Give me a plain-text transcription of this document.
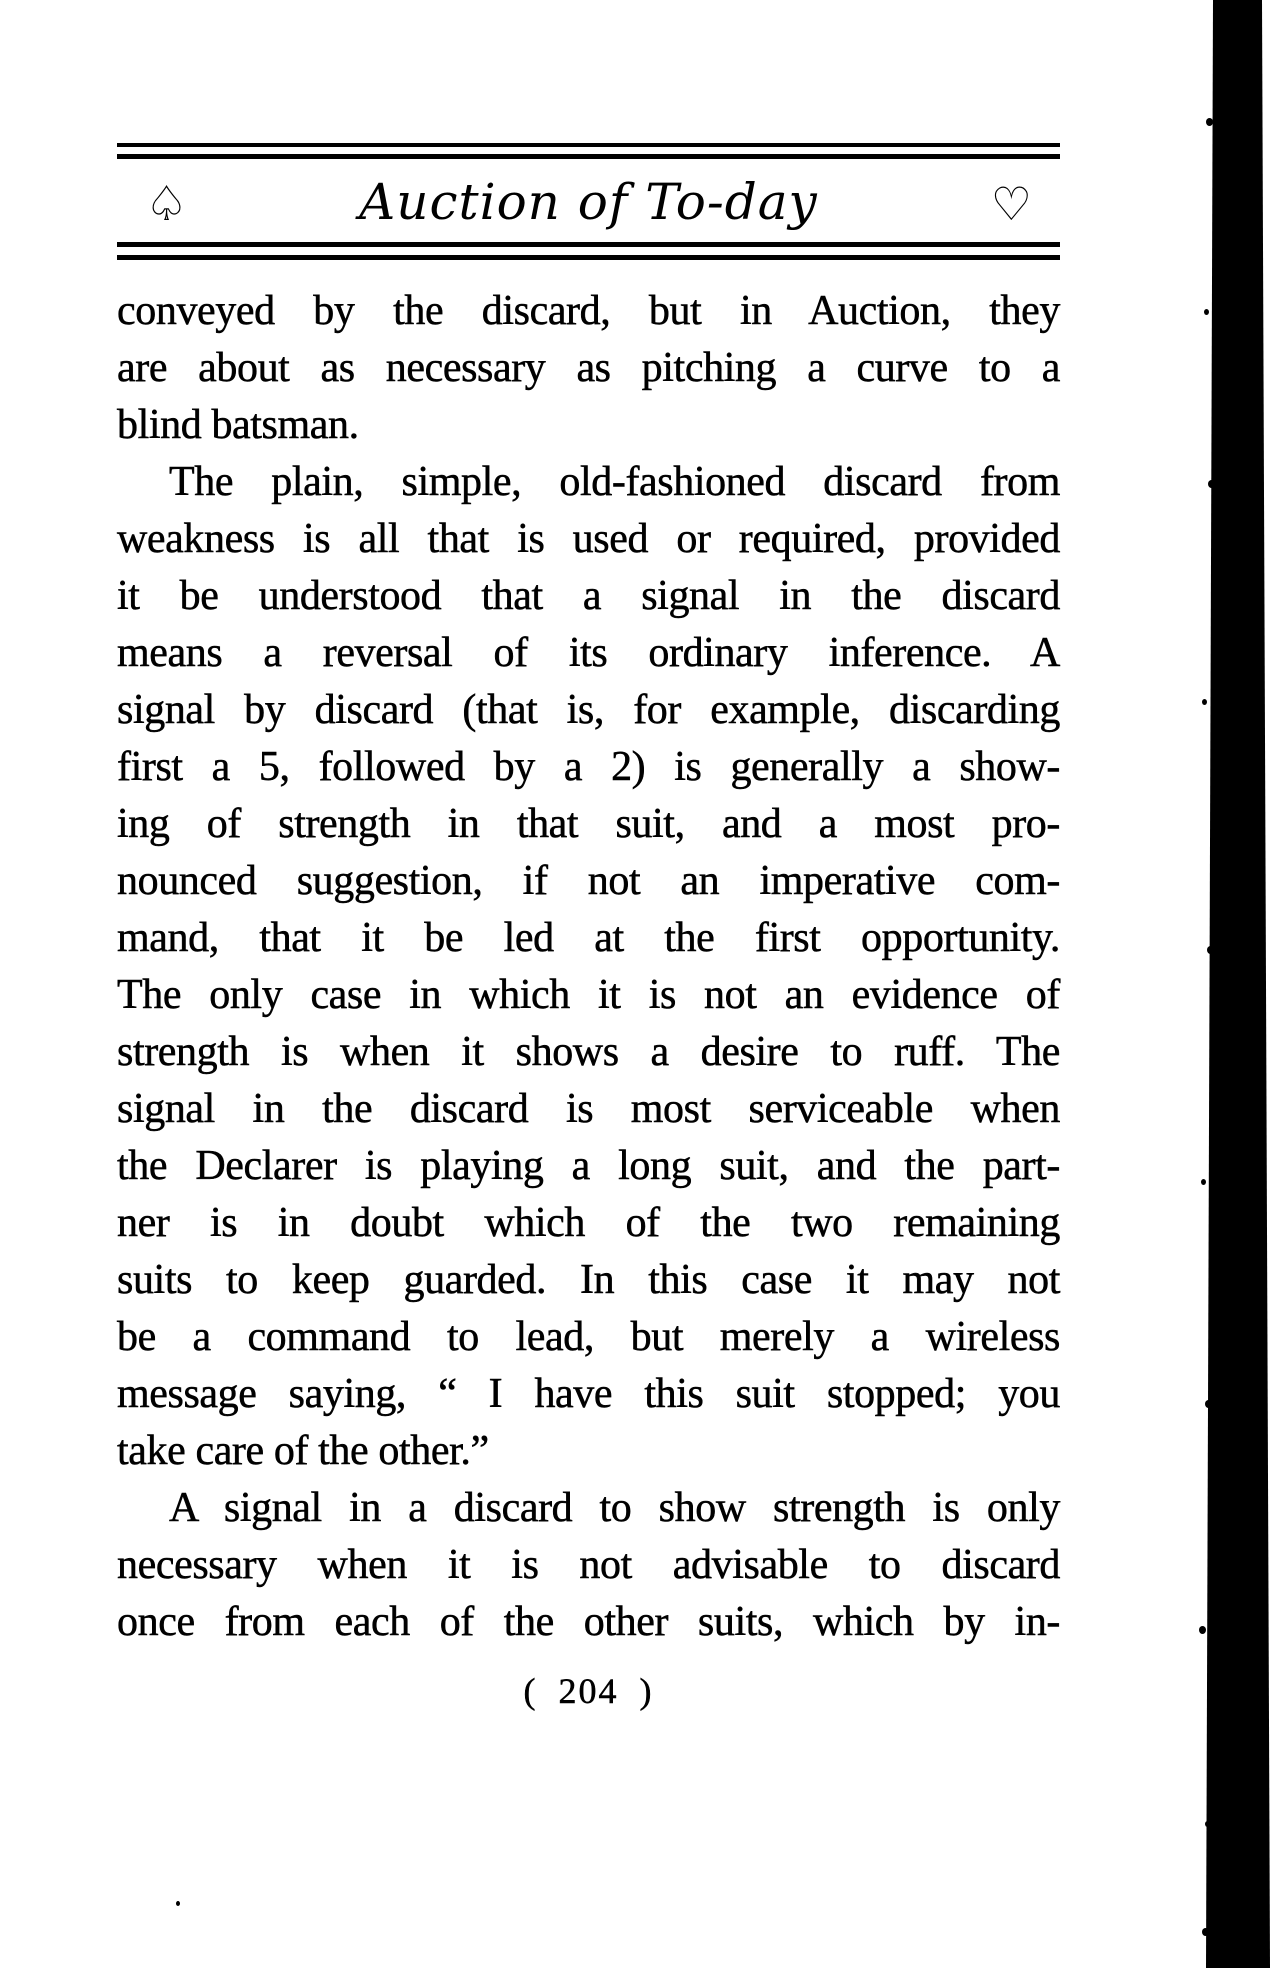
♤	Auction of To-day	♡
conveyed by the discard, but in Auction, they
are about as necessary as pitching a curve to a
blind batsman.
The plain, simple, old-fashioned discard from
weakness is all that is used or required, provided
it be understood that a signal in the discard
means a reversal of its ordinary inference. A
signal by discard (that is, for example, discarding
first a 5, followed by a 2) is generally a show-
ing of strength in that suit, and a most pro-
nounced suggestion, if not an imperative com-
mand, that it be led at the first opportunity.
The only case in which it is not an evidence of
strength is when it shows a desire to ruff. The
signal in the discard is most serviceable when
the Declarer is playing a long suit, and the part-
ner is in doubt which of the two remaining
suits to keep guarded. In this case it may not
be a command to lead, but merely a wireless
message saying, “ I have this suit stopped; you
take care of the other.”
A signal in a discard to show strength is only
necessary when it is not advisable to discard
once from each of the other suits, which by in-
( 204 )
